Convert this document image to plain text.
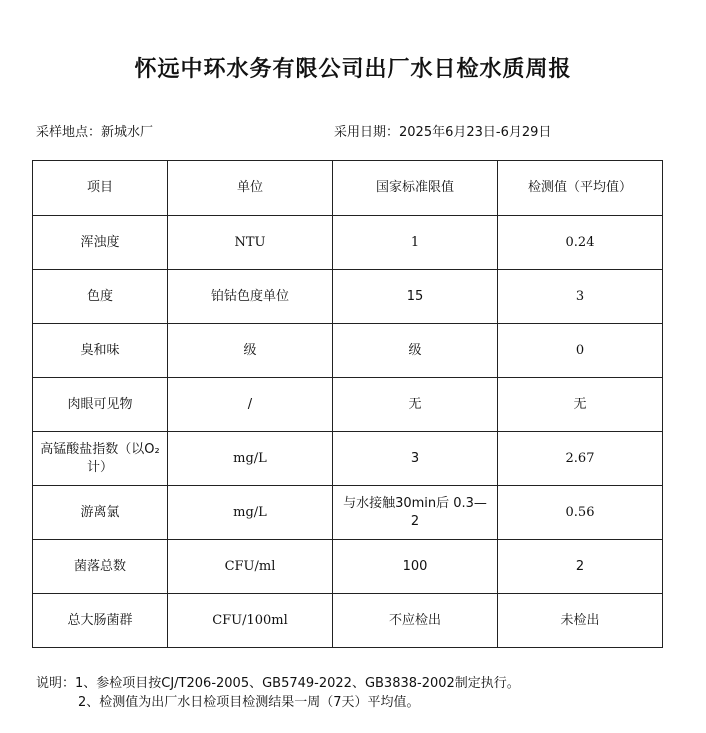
怀远中环水务有限公司出厂水日检水质周报
采样地点：新城水厂	采用日期：2025年6月23日-6月29日
项目	单位	国家标准限值	检测值（平均值）
浑浊度	NTU	1	0.24
色度	铂钴色度单位	15	3
臭和味	级	级	0
肉眼可见物	/	无	无
高锰酸盐指数（以O₂计）	mg/L	3	2.67
游离氯	mg/L	与水接触30min后 0.3—2	0.56
菌落总数	CFU/ml	100	2
总大肠菌群	CFU/100ml	不应检出	未检出
说明：1、参检项目按CJ/T206-2005、GB5749-2022、GB3838-2002制定执行。
2、检测值为出厂水日检项目检测结果一周（7天）平均值。
